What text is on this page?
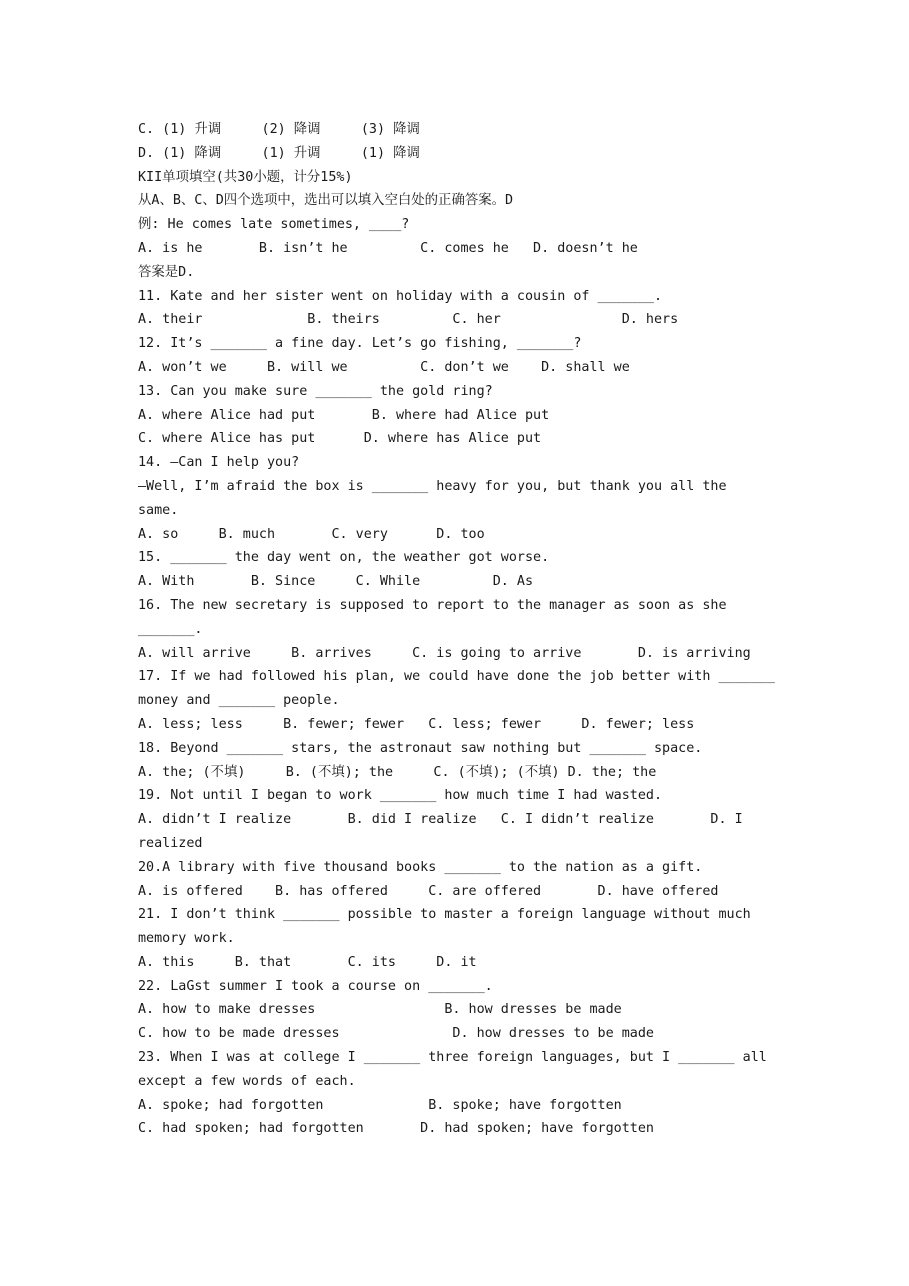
C. (1) 升调     (2) 降调     (3) 降调
D. (1) 降调     (1) 升调     (1) 降调
KII单项填空(共30小题，计分15%)
从A、B、C、D四个选项中，选出可以填入空白处的正确答案。D
例: He comes late sometimes, ____?
A. is he       B. isn’t he         C. comes he   D. doesn’t he
答案是D.
11. Kate and her sister went on holiday with a cousin of _______.
A. their             B. theirs         C. her               D. hers
12. It’s _______ a fine day. Let’s go fishing, _______?
A. won’t we     B. will we         C. don’t we    D. shall we
13. Can you make sure _______ the gold ring?
A. where Alice had put       B. where had Alice put
C. where Alice has put      D. where has Alice put
14. —Can I help you?
—Well, I’m afraid the box is _______ heavy for you, but thank you all the
same.
A. so     B. much       C. very      D. too
15. _______ the day went on, the weather got worse.
A. With       B. Since     C. While         D. As
16. The new secretary is supposed to report to the manager as soon as she
_______.
A. will arrive     B. arrives     C. is going to arrive       D. is arriving
17. If we had followed his plan, we could have done the job better with _______
money and _______ people.
A. less; less     B. fewer; fewer   C. less; fewer     D. fewer; less
18. Beyond _______ stars, the astronaut saw nothing but _______ space.
A. the; (不填)     B. (不填); the     C. (不填); (不填) D. the; the
19. Not until I began to work _______ how much time I had wasted.
A. didn’t I realize       B. did I realize   C. I didn’t realize       D. I
realized
20.A library with five thousand books _______ to the nation as a gift.
A. is offered    B. has offered     C. are offered       D. have offered
21. I don’t think _______ possible to master a foreign language without much
memory work.
A. this     B. that       C. its     D. it
22. LaGst summer I took a course on _______.
A. how to make dresses                B. how dresses be made
C. how to be made dresses              D. how dresses to be made
23. When I was at college I _______ three foreign languages, but I _______ all
except a few words of each.
A. spoke; had forgotten             B. spoke; have forgotten
C. had spoken; had forgotten       D. had spoken; have forgotten
